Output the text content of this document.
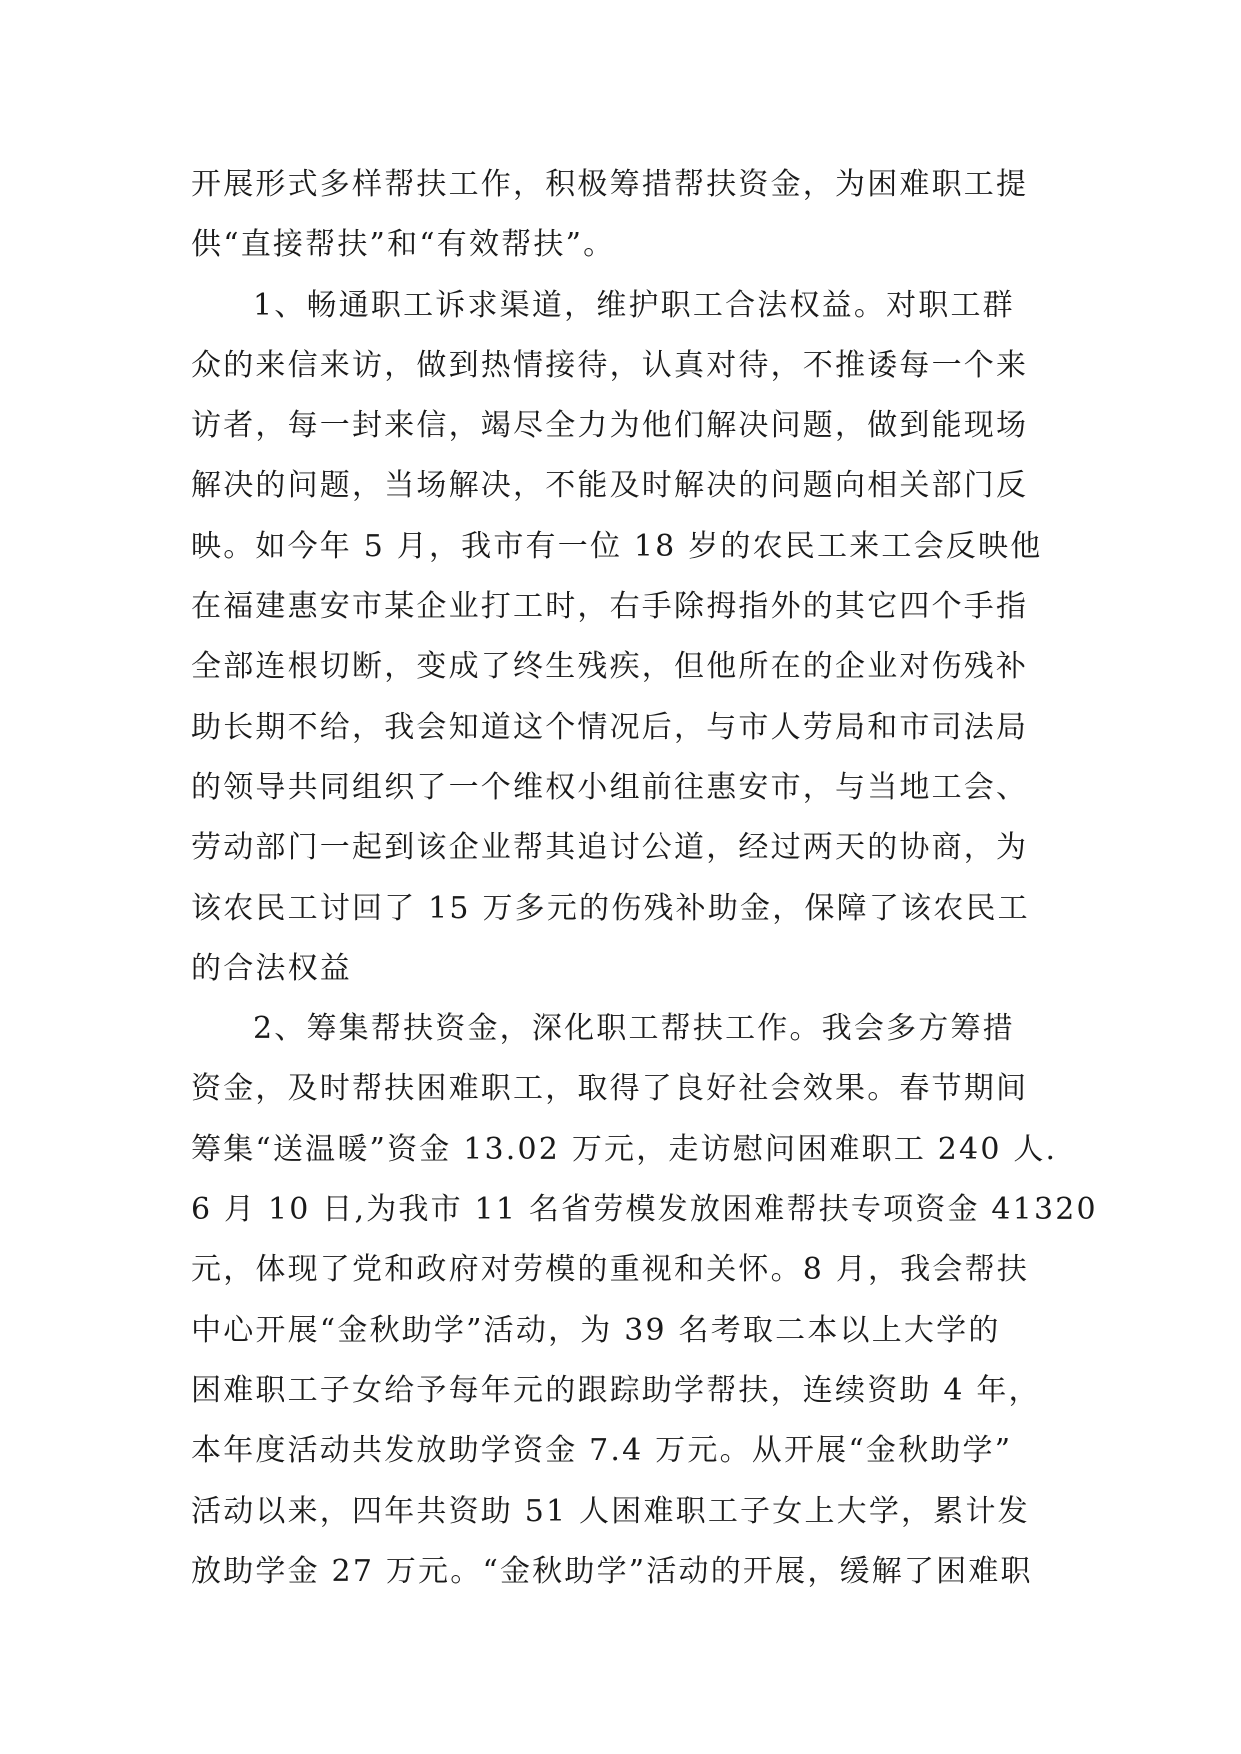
开展形式多样帮扶工作，积极筹措帮扶资金，为困难职工提
供“直接帮扶”和“有效帮扶”。
1、畅通职工诉求渠道，维护职工合法权益。对职工群
众的来信来访，做到热情接待，认真对待，不推诿每一个来
访者，每一封来信，竭尽全力为他们解决问题，做到能现场
解决的问题，当场解决，不能及时解决的问题向相关部门反
映。如今年 5 月，我市有一位 18 岁的农民工来工会反映他
在福建惠安市某企业打工时，右手除拇指外的其它四个手指
全部连根切断，变成了终生残疾，但他所在的企业对伤残补
助长期不给，我会知道这个情况后，与市人劳局和市司法局
的领导共同组织了一个维权小组前往惠安市，与当地工会、
劳动部门一起到该企业帮其追讨公道，经过两天的协商，为
该农民工讨回了 15 万多元的伤残补助金，保障了该农民工
的合法权益
2、筹集帮扶资金，深化职工帮扶工作。我会多方筹措
资金，及时帮扶困难职工，取得了良好社会效果。春节期间
筹集“送温暖”资金 13.02 万元，走访慰问困难职工 240 人.
6 月 10 日,为我市 11 名省劳模发放困难帮扶专项资金 41320
元，体现了党和政府对劳模的重视和关怀。8 月，我会帮扶
中心开展“金秋助学”活动，为 39 名考取二本以上大学的
困难职工子女给予每年元的跟踪助学帮扶，连续资助 4 年，
本年度活动共发放助学资金 7.4 万元。从开展“金秋助学”
活动以来，四年共资助 51 人困难职工子女上大学，累计发
放助学金 27 万元。“金秋助学”活动的开展，缓解了困难职
